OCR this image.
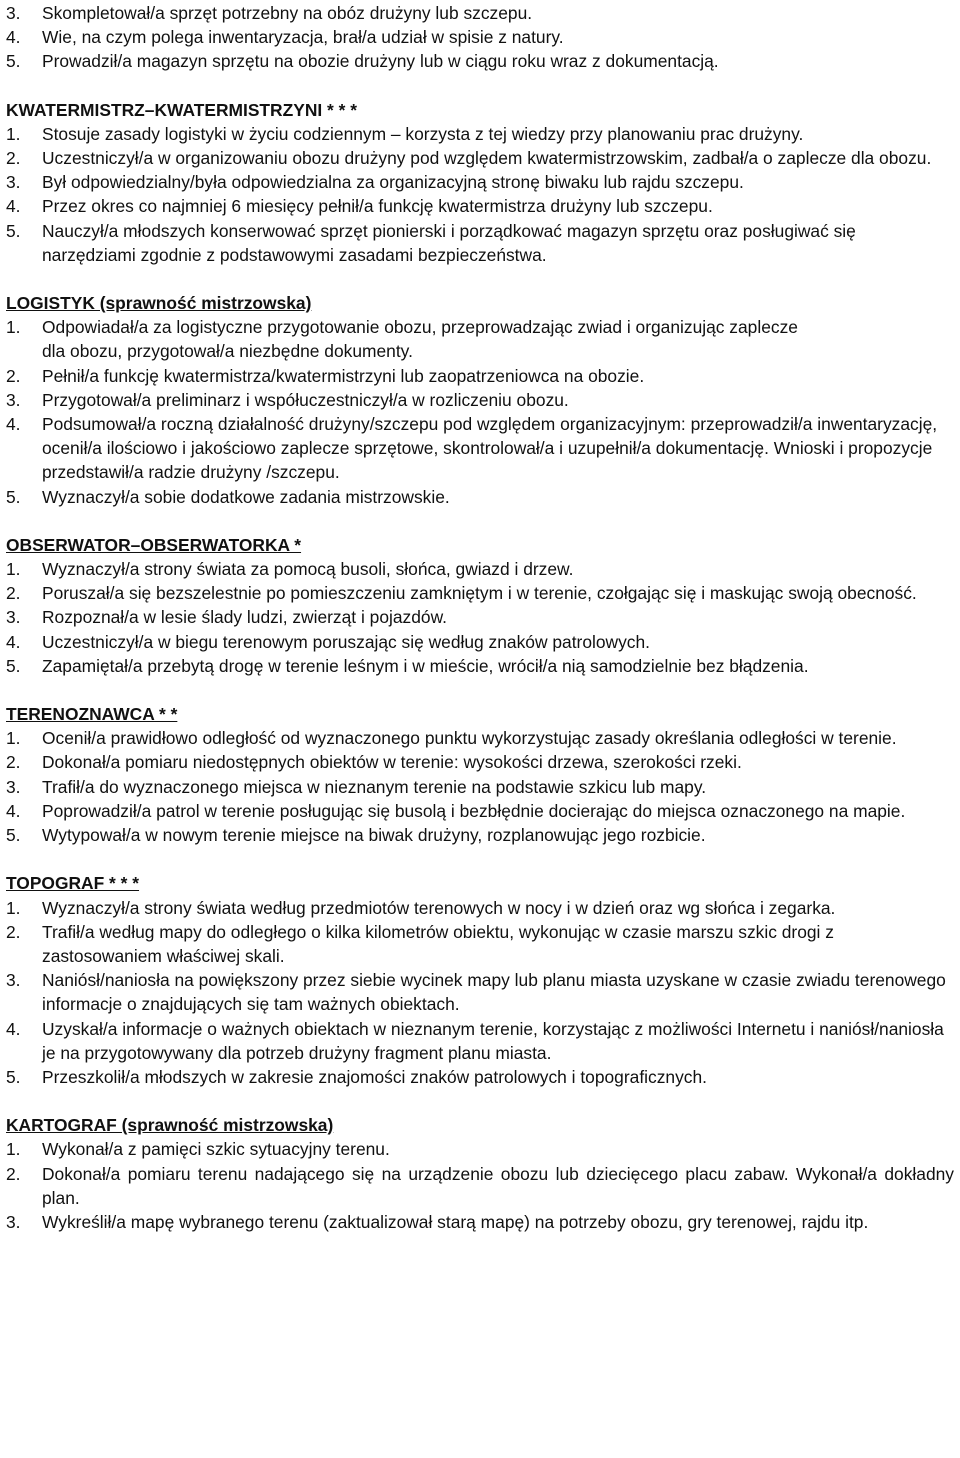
3.	Skompletował/a sprzęt potrzebny na obóz drużyny lub szczepu.
4.	Wie, na czym polega inwentaryzacja, brał/a udział w spisie z natury.
5.	Prowadził/a magazyn sprzętu na obozie drużyny lub w ciągu roku wraz z dokumentacją.
KWATERMISTRZ–KWATERMISTRZYNI * * *
1.	Stosuje zasady logistyki w życiu codziennym – korzysta z tej wiedzy przy planowaniu prac drużyny.
2.	Uczestniczył/a w organizowaniu obozu drużyny pod względem kwatermistrzowskim, zadbał/a o zaplecze dla obozu.
3.	Był odpowiedzialny/była odpowiedzialna za organizacyjną stronę biwaku lub rajdu szczepu.
4.	Przez okres co najmniej 6 miesięcy pełnił/a funkcję kwatermistrza drużyny lub szczepu.
5.	Nauczył/a młodszych konserwować sprzęt pionierski i porządkować magazyn sprzętu oraz posługiwać się narzędziami zgodnie z podstawowymi zasadami bezpieczeństwa.
LOGISTYK (sprawność mistrzowska)
1. Odpowiadał/a za logistyczne przygotowanie obozu, przeprowadzając zwiad i organizując zaplecze
dla obozu, przygotował/a niezbędne dokumenty.
2.	Pełnił/a funkcję kwatermistrza/kwatermistrzyni lub zaopatrzeniowca na obozie.
3.	Przygotował/a preliminarz i współuczestniczył/a w rozliczeniu obozu.
4.	Podsumował/a roczną działalność drużyny/szczepu pod względem organizacyjnym: przeprowadził/a inwentaryzację, ocenił/a ilościowo i jakościowo zaplecze sprzętowe, skontrolował/a i uzupełnił/a dokumentację. Wnioski i propozycje przedstawił/a radzie drużyny /szczepu.
5.	Wyznaczył/a sobie dodatkowe zadania mistrzowskie.
OBSERWATOR–OBSERWATORKA *
1.	Wyznaczył/a strony świata za pomocą busoli, słońca, gwiazd i drzew.
2.	Poruszał/a się bezszelestnie po pomieszczeniu zamkniętym i w terenie, czołgając się i maskując swoją obecność.
3.	Rozpoznał/a w lesie ślady ludzi, zwierząt i pojazdów.
4.	Uczestniczył/a w biegu terenowym poruszając się według znaków patrolowych.
5.	Zapamiętał/a przebytą drogę w terenie leśnym i w mieście, wrócił/a nią samodzielnie bez błądzenia.
TERENOZNAWCA * *
1.	Ocenił/a prawidłowo odległość od wyznaczonego punktu wykorzystując zasady określania odległości w terenie.
2.	Dokonał/a pomiaru niedostępnych obiektów w terenie: wysokości drzewa, szerokości rzeki.
3.	Trafił/a do wyznaczonego miejsca w nieznanym terenie na podstawie szkicu lub mapy.
4.	Poprowadził/a patrol w terenie posługując się busolą i bezbłędnie docierając do miejsca oznaczonego na mapie.
5.	Wytypował/a w nowym terenie miejsce na biwak drużyny, rozplanowując jego rozbicie.
TOPOGRAF * * *
1.	Wyznaczył/a strony świata według przedmiotów terenowych w nocy i w dzień oraz wg słońca i zegarka.
2.	Trafił/a według mapy do odległego o kilka kilometrów obiektu, wykonując w czasie marszu szkic drogi z zastosowaniem właściwej skali.
3.	Naniósł/naniosła na powiększony przez siebie wycinek mapy lub planu miasta uzyskane w czasie zwiadu terenowego informacje o znajdujących się tam ważnych obiektach.
4.	Uzyskał/a informacje o ważnych obiektach w nieznanym terenie, korzystając z możliwości Internetu i naniósł/naniosła je na przygotowywany dla potrzeb drużyny fragment planu miasta.
5.	Przeszkolił/a młodszych w zakresie znajomości znaków patrolowych i topograficznych.
KARTOGRAF (sprawność mistrzowska)
1.	Wykonał/a z pamięci szkic sytuacyjny terenu.
2.	Dokonał/a pomiaru terenu nadającego się na urządzenie obozu lub dziecięcego placu zabaw. Wykonał/a dokładny plan.
3.	Wykreślił/a mapę wybranego terenu (zaktualizował starą mapę) na potrzeby obozu, gry terenowej, rajdu itp.
